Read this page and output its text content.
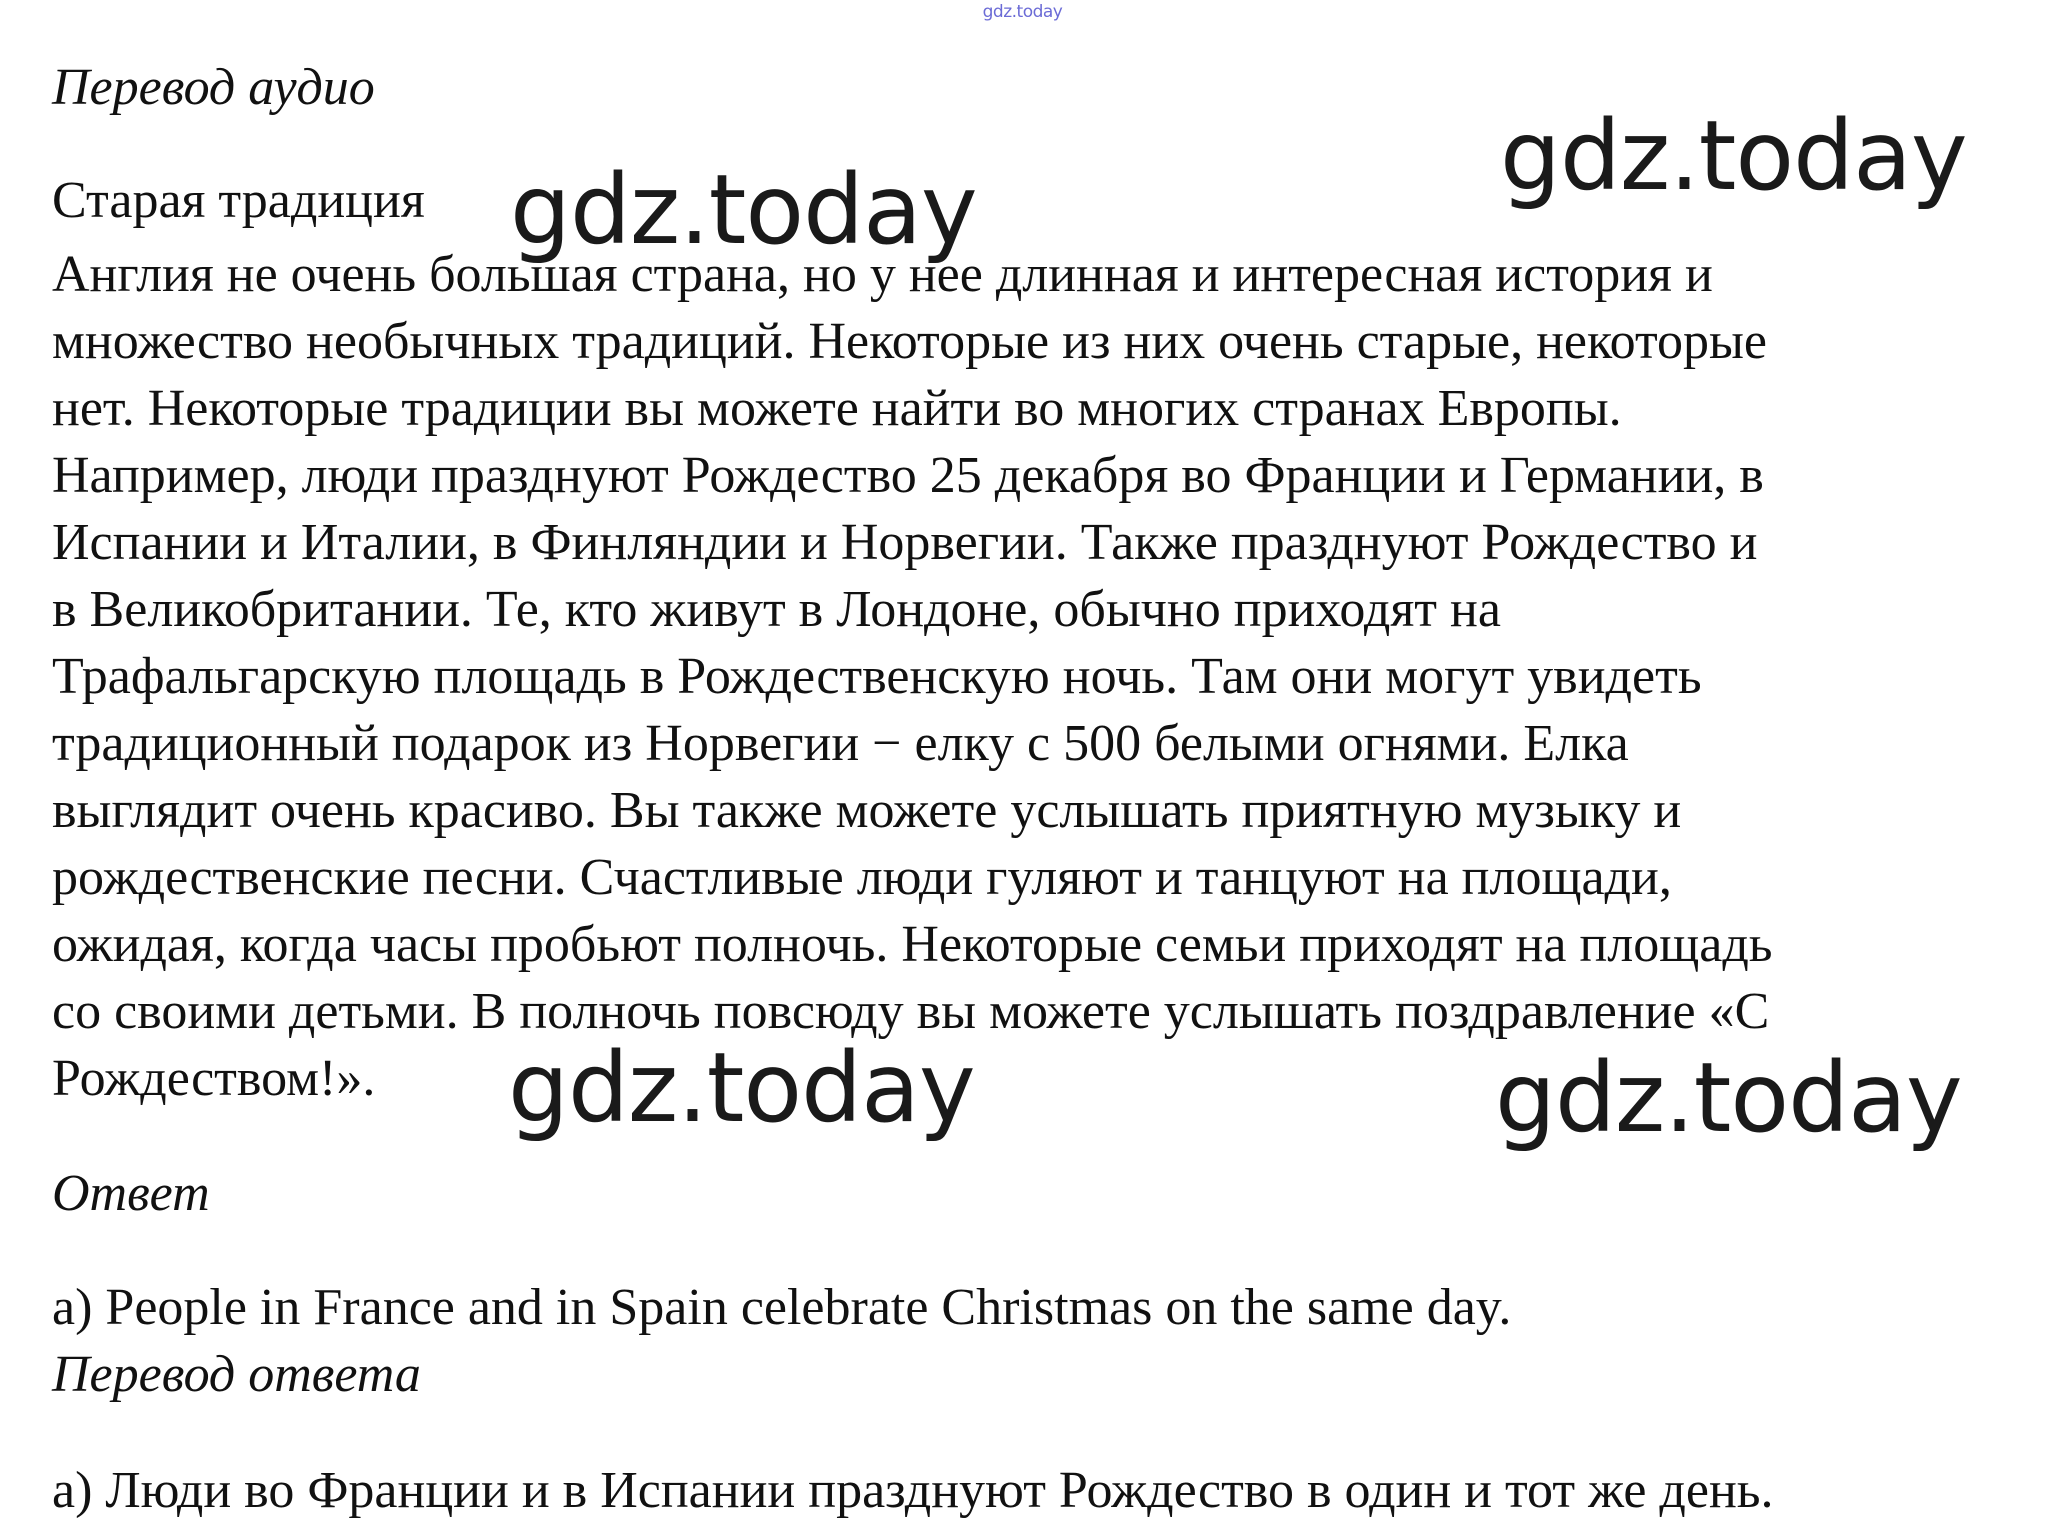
gdz.today
Перевод аудио
Старая традиция
Англия не очень большая страна, но у нее длинная и интересная история и
множество необычных традиций. Некоторые из них очень старые, некоторые
нет. Некоторые традиции вы можете найти во многих странах Европы.
Например, люди празднуют Рождество 25 декабря во Франции и Германии, в
Испании и Италии, в Финляндии и Норвегии. Также празднуют Рождество и
в Великобритании. Те, кто живут в Лондоне, обычно приходят на
Трафальгарскую площадь в Рождественскую ночь. Там они могут увидеть
традиционный подарок из Норвегии − елку с 500 белыми огнями. Елка
выглядит очень красиво. Вы также можете услышать приятную музыку и
рождественские песни. Счастливые люди гуляют и танцуют на площади,
ожидая, когда часы пробьют полночь. Некоторые семьи приходят на площадь
со своими детьми. В полночь повсюду вы можете услышать поздравление «С
Рождеством!».
Ответ
a) People in France and in Spain celebrate Christmas on the same day.
Перевод ответа
а) Люди во Франции и в Испании празднуют Рождество в один и тот же день.
gdz.today
gdz.today
gdz.today	gdz.today
